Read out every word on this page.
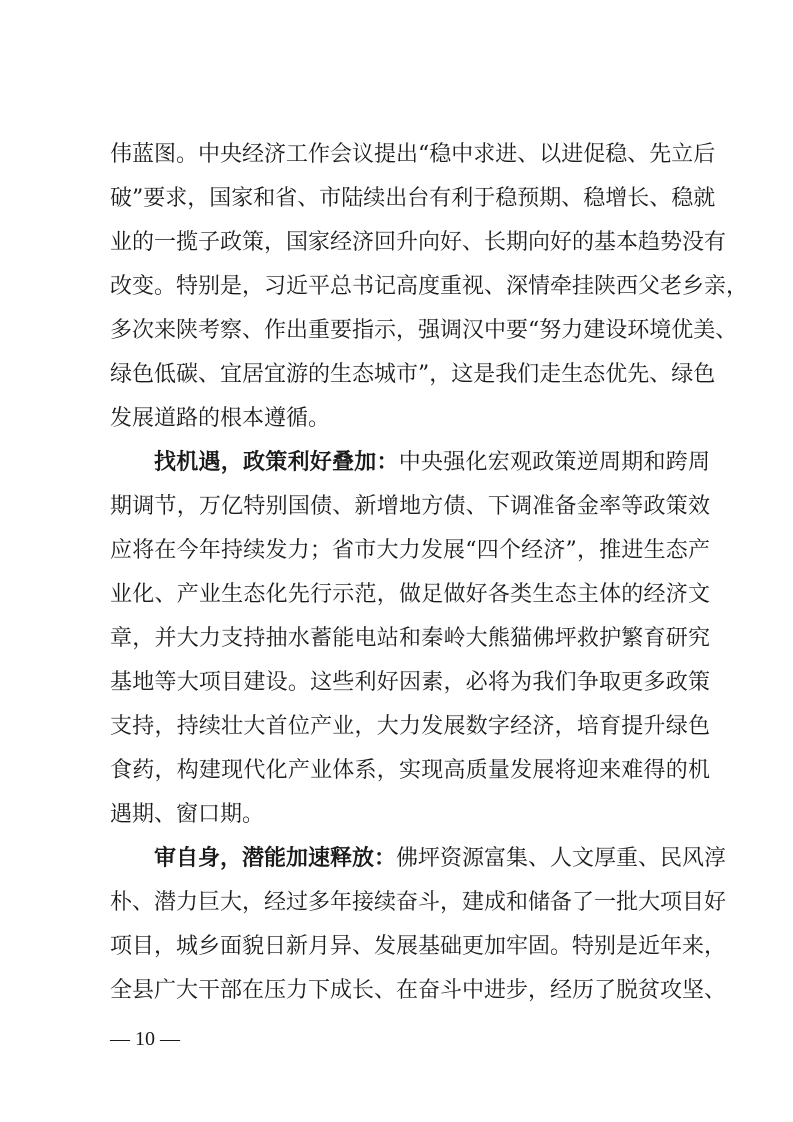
伟蓝图。中央经济工作会议提出“稳中求进、以进促稳、先立后
破”要求，国家和省、市陆续出台有利于稳预期、稳增长、稳就
业的一揽子政策，国家经济回升向好、长期向好的基本趋势没有
改变。特别是，习近平总书记高度重视、深情牵挂陕西父老乡亲，
多次来陕考察、作出重要指示，强调汉中要“努力建设环境优美、
绿色低碳、宜居宜游的生态城市”，这是我们走生态优先、绿色
发展道路的根本遵循。
找机遇，政策利好叠加：中央强化宏观政策逆周期和跨周
期调节，万亿特别国债、新增地方债、下调准备金率等政策效
应将在今年持续发力；省市大力发展“四个经济”，推进生态产
业化、产业生态化先行示范，做足做好各类生态主体的经济文
章，并大力支持抽水蓄能电站和秦岭大熊猫佛坪救护繁育研究
基地等大项目建设。这些利好因素，必将为我们争取更多政策
支持，持续壮大首位产业，大力发展数字经济，培育提升绿色
食药，构建现代化产业体系，实现高质量发展将迎来难得的机
遇期、窗口期。
审自身，潜能加速释放：佛坪资源富集、人文厚重、民风淳
朴、潜力巨大，经过多年接续奋斗，建成和储备了一批大项目好
项目，城乡面貌日新月异、发展基础更加牢固。特别是近年来，
全县广大干部在压力下成长、在奋斗中进步，经历了脱贫攻坚、
— 10 —
